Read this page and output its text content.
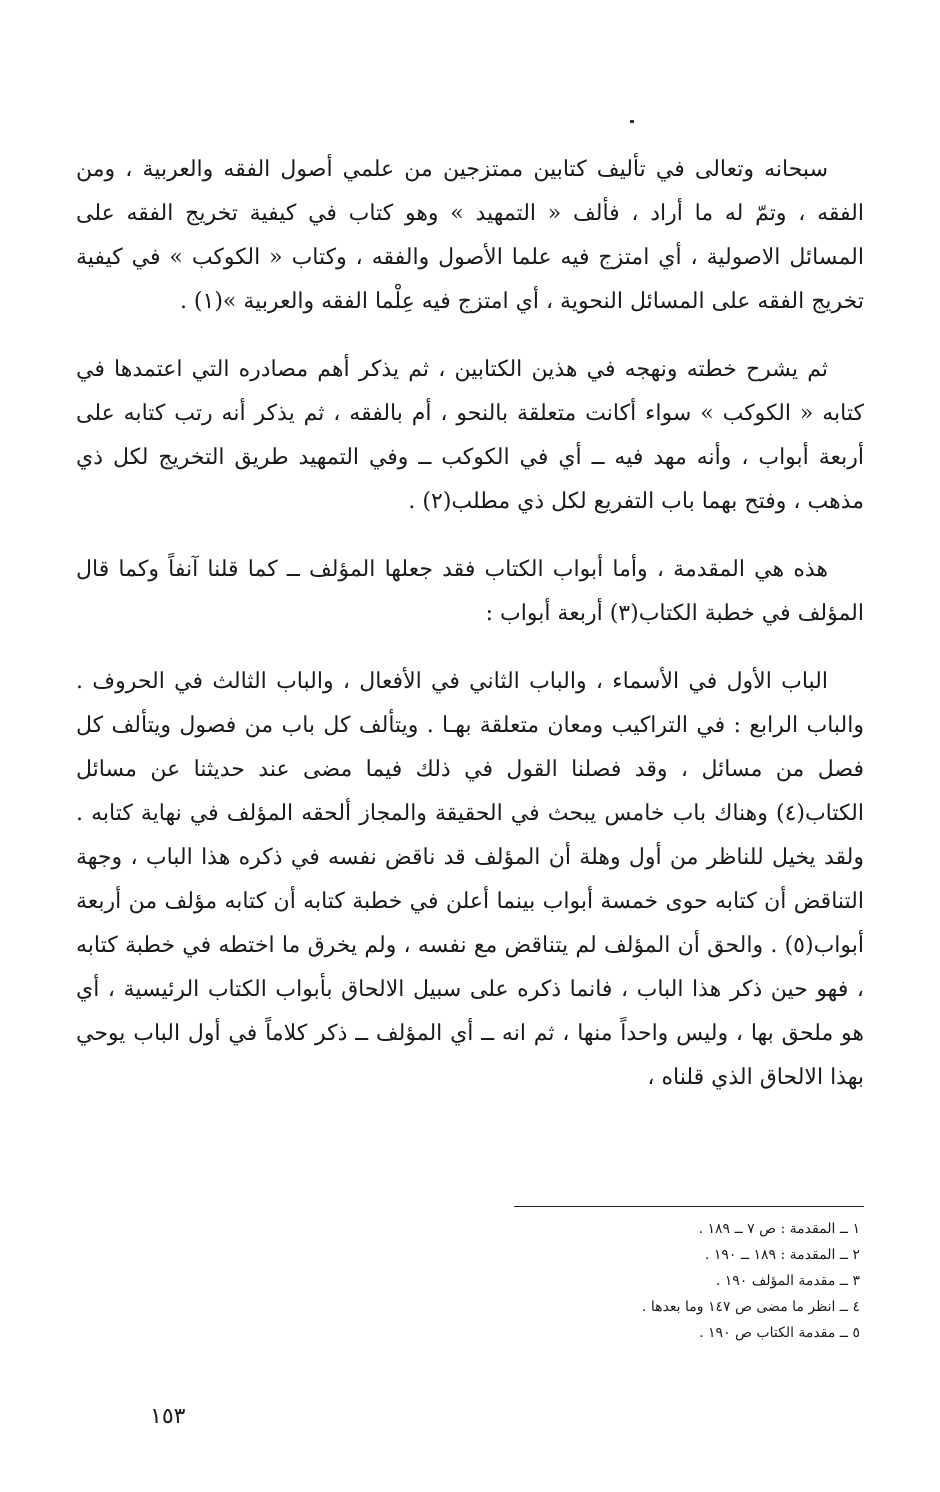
سبحانه وتعالى في تأليف كتابين ممتزجين من علمي أصول الفقه والعربية ، ومن الفقه ، وتمّ له ما أراد ، فألف « التمهيد » وهو كتاب في كيفية تخريج الفقه على المسائل الاصولية ، أي امتزج فيه علما الأصول والفقه ، وكتاب « الكوكب » في كيفية تخريج الفقه على المسائل النحوية ، أي امتزج فيه عِلْما الفقه والعربية »(١) .

ثم يشرح خطته ونهجه في هذين الكتابين ، ثم يذكر أهم مصادره التي اعتمدها في كتابه « الكوكب » سواء أكانت متعلقة بالنحو ، أم بالفقه ، ثم يذكر أنه رتب كتابه على أربعة أبواب ، وأنه مهد فيه ــ أي في الكوكب ــ وفي التمهيد طريق التخريج لكل ذي مذهب ، وفتح بهما باب التفريع لكل ذي مطلب(٢) .

هذه هي المقدمة ، وأما أبواب الكتاب فقد جعلها المؤلف ــ كما قلنا آنفاً وكما قال المؤلف في خطبة الكتاب(٣) أربعة أبواب :

الباب الأول في الأسماء ، والباب الثاني في الأفعال ، والباب الثالث في الحروف . والباب الرابع : في التراكيب ومعان متعلقة بهـا . ويتألف كل باب من فصول ويتألف كل فصل من مسائل ، وقد فصلنا القول في ذلك فيما مضى عند حديثنا عن مسائل الكتاب(٤) وهناك باب خامس يبحث في الحقيقة والمجاز ألحقه المؤلف في نهاية كتابه . ولقد يخيل للناظر من أول وهلة أن المؤلف قد ناقض نفسه في ذكره هذا الباب ، وجهة التناقض أن كتابه حوى خمسة أبواب بينما أعلن في خطبة كتابه أن كتابه مؤلف من أربعة أبواب(٥) . والحق أن المؤلف لم يتناقض مع نفسه ، ولم يخرق ما اختطه في خطبة كتابه ، فهو حين ذكر هذا الباب ، فانما ذكره على سبيل الالحاق بأبواب الكتاب الرئيسية ، أي هو ملحق بها ، وليس واحداً منها ، ثم انه ــ أي المؤلف ــ ذكر كلاماً في أول الباب يوحي بهذا الالحاق الذي قلناه ،

١ ــ المقدمة : ص ٧ ــ ١٨٩ .
٢ ــ المقدمة : ١٨٩ ــ ١٩٠ .
٣ ــ مقدمة المؤلف ١٩٠ .
٤ ــ انظر ما مضى ص ١٤٧ وما بعدها .
٥ ــ مقدمة الكتاب ص ١٩٠ .
١٥٣
